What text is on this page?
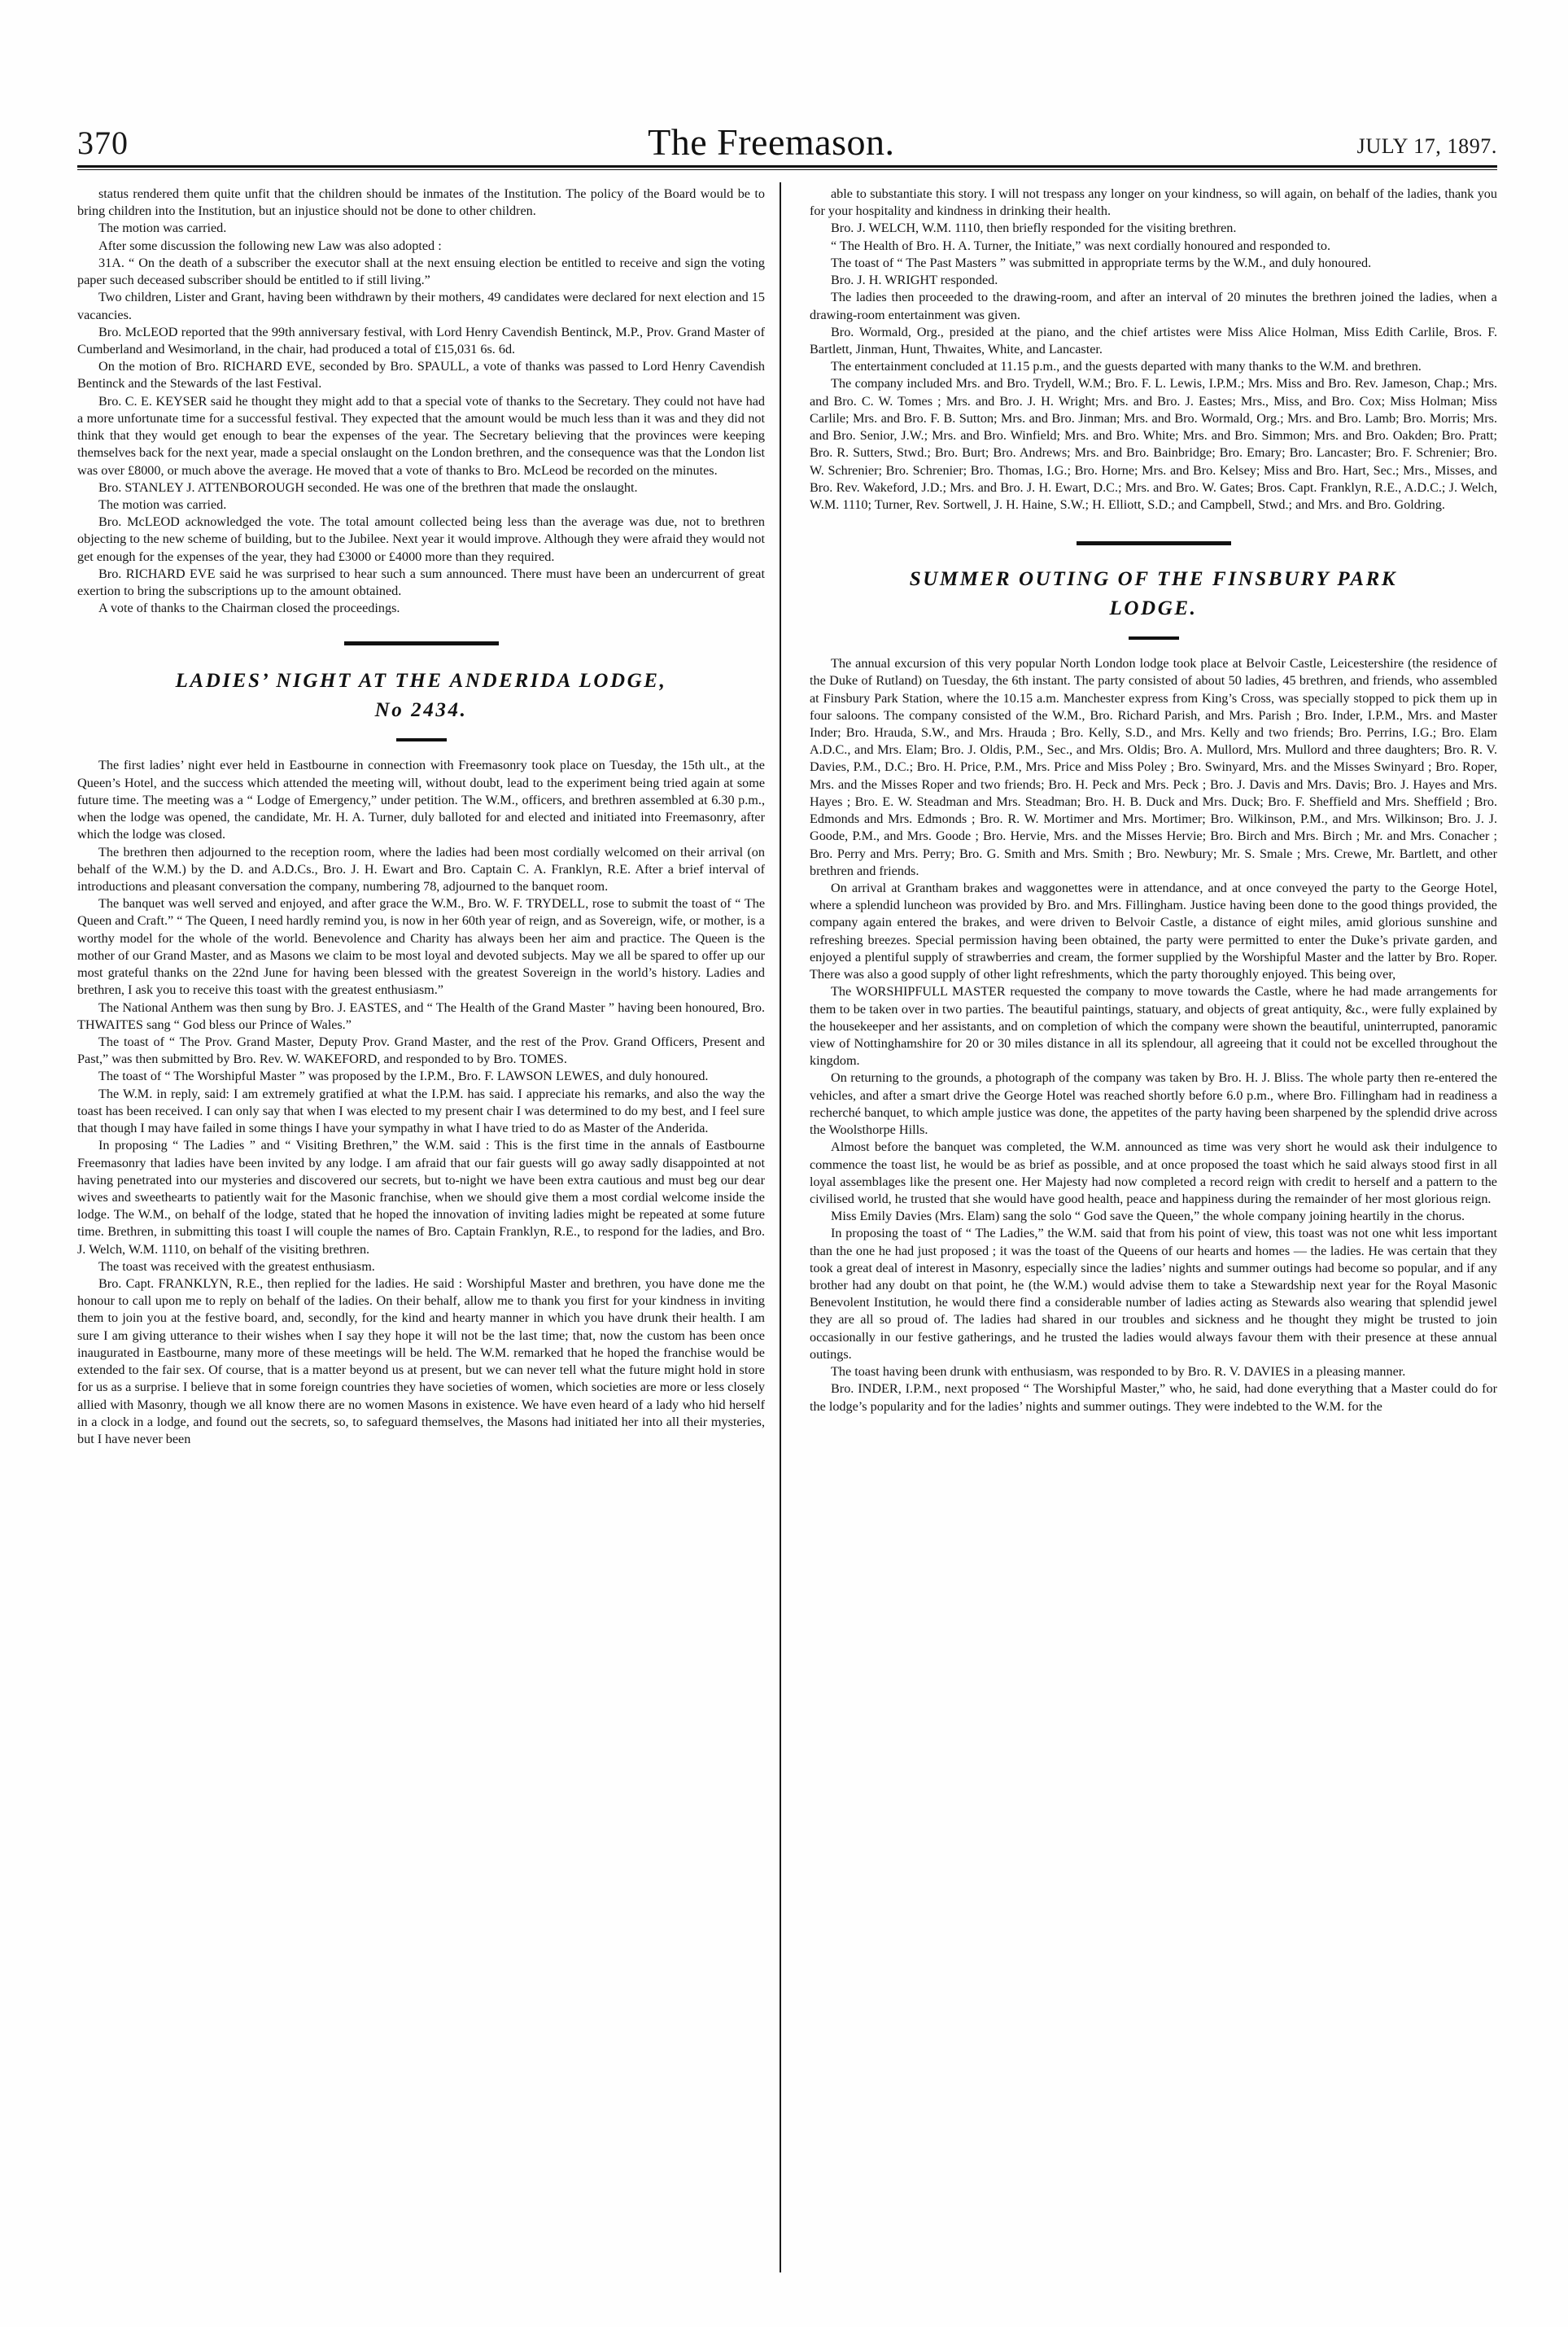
370	The Freemason.	JULY 17, 1897.

status rendered them quite unfit that the children should be inmates of the Institution. The policy of the Board would be to bring children into the Institution, but an injustice should not be done to other children.

The motion was carried.

After some discussion the following new Law was also adopted :

31A. “ On the death of a subscriber the executor shall at the next ensuing election be entitled to receive and sign the voting paper such deceased subscriber should be entitled to if still living.”

Two children, Lister and Grant, having been withdrawn by their mothers, 49 candidates were declared for next election and 15 vacancies.

Bro. McLEOD reported that the 99th anniversary festival, with Lord Henry Cavendish Bentinck, M.P., Prov. Grand Master of Cumberland and Wesimorland, in the chair, had produced a total of £15,031 6s. 6d.

On the motion of Bro. RICHARD EVE, seconded by Bro. SPAULL, a vote of thanks was passed to Lord Henry Cavendish Bentinck and the Stewards of the last Festival.

Bro. C. E. KEYSER said he thought they might add to that a special vote of thanks to the Secretary. They could not have had a more unfortunate time for a successful festival. They expected that the amount would be much less than it was and they did not think that they would get enough to bear the expenses of the year. The Secretary believing that the provinces were keeping themselves back for the next year, made a special onslaught on the London brethren, and the consequence was that the London list was over £8000, or much above the average. He moved that a vote of thanks to Bro. McLeod be recorded on the minutes.

Bro. STANLEY J. ATTENBOROUGH seconded. He was one of the brethren that made the onslaught.

The motion was carried.

Bro. McLEOD acknowledged the vote. The total amount collected being less than the average was due, not to brethren objecting to the new scheme of building, but to the Jubilee. Next year it would improve. Although they were afraid they would not get enough for the expenses of the year, they had £3000 or £4000 more than they required.

Bro. RICHARD EVE said he was surprised to hear such a sum announced. There must have been an undercurrent of great exertion to bring the subscriptions up to the amount obtained.

A vote of thanks to the Chairman closed the proceedings.

LADIES’ NIGHT AT THE ANDERIDA LODGE,
No 2434.

The first ladies’ night ever held in Eastbourne in connection with Freemasonry took place on Tuesday, the 15th ult., at the Queen’s Hotel, and the success which attended the meeting will, without doubt, lead to the experiment being tried again at some future time. The meeting was a “ Lodge of Emergency,” under petition. The W.M., officers, and brethren assembled at 6.30 p.m., when the lodge was opened, the candidate, Mr. H. A. Turner, duly balloted for and elected and initiated into Freemasonry, after which the lodge was closed.

The brethren then adjourned to the reception room, where the ladies had been most cordially welcomed on their arrival (on behalf of the W.M.) by the D. and A.D.Cs., Bro. J. H. Ewart and Bro. Captain C. A. Franklyn, R.E. After a brief interval of introductions and pleasant conversation the company, numbering 78, adjourned to the banquet room.

The banquet was well served and enjoyed, and after grace the W.M., Bro. W. F. TRYDELL, rose to submit the toast of “ The Queen and Craft.” “ The Queen, I need hardly remind you, is now in her 60th year of reign, and as Sovereign, wife, or mother, is a worthy model for the whole of the world. Benevolence and Charity has always been her aim and practice. The Queen is the mother of our Grand Master, and as Masons we claim to be most loyal and devoted subjects. May we all be spared to offer up our most grateful thanks on the 22nd June for having been blessed with the greatest Sovereign in the world’s history. Ladies and brethren, I ask you to receive this toast with the greatest enthusiasm.”

The National Anthem was then sung by Bro. J. EASTES, and “ The Health of the Grand Master ” having been honoured, Bro. THWAITES sang “ God bless our Prince of Wales.”

The toast of “ The Prov. Grand Master, Deputy Prov. Grand Master, and the rest of the Prov. Grand Officers, Present and Past,” was then submitted by Bro. Rev. W. WAKEFORD, and responded to by Bro. TOMES.

The toast of “ The Worshipful Master ” was proposed by the I.P.M., Bro. F. LAWSON LEWES, and duly honoured.

The W.M. in reply, said: I am extremely gratified at what the I.P.M. has said. I appreciate his remarks, and also the way the toast has been received. I can only say that when I was elected to my present chair I was determined to do my best, and I feel sure that though I may have failed in some things I have your sympathy in what I have tried to do as Master of the Anderida.

In proposing “ The Ladies ” and “ Visiting Brethren,” the W.M. said : This is the first time in the annals of Eastbourne Freemasonry that ladies have been invited by any lodge. I am afraid that our fair guests will go away sadly disappointed at not having penetrated into our mysteries and discovered our secrets, but to-night we have been extra cautious and must beg our dear wives and sweethearts to patiently wait for the Masonic franchise, when we should give them a most cordial welcome inside the lodge. The W.M., on behalf of the lodge, stated that he hoped the innovation of inviting ladies might be repeated at some future time. Brethren, in submitting this toast I will couple the names of Bro. Captain Franklyn, R.E., to respond for the ladies, and Bro. J. Welch, W.M. 1110, on behalf of the visiting brethren.

The toast was received with the greatest enthusiasm.

Bro. Capt. FRANKLYN, R.E., then replied for the ladies. He said : Worshipful Master and brethren, you have done me the honour to call upon me to reply on behalf of the ladies. On their behalf, allow me to thank you first for your kindness in inviting them to join you at the festive board, and, secondly, for the kind and hearty manner in which you have drunk their health. I am sure I am giving utterance to their wishes when I say they hope it will not be the last time; that, now the custom has been once inaugurated in Eastbourne, many more of these meetings will be held. The W.M. remarked that he hoped the franchise would be extended to the fair sex. Of course, that is a matter beyond us at present, but we can never tell what the future might hold in store for us as a surprise. I believe that in some foreign countries they have societies of women, which societies are more or less closely allied with Masonry, though we all know there are no women Masons in existence. We have even heard of a lady who hid herself in a clock in a lodge, and found out the secrets, so, to safeguard themselves, the Masons had initiated her into all their mysteries, but I have never been

able to substantiate this story. I will not trespass any longer on your kindness, so will again, on behalf of the ladies, thank you for your hospitality and kindness in drinking their health.

Bro. J. WELCH, W.M. 1110, then briefly responded for the visiting brethren.

“ The Health of Bro. H. A. Turner, the Initiate,” was next cordially honoured and responded to.

The toast of “ The Past Masters ” was submitted in appropriate terms by the W.M., and duly honoured.

Bro. J. H. WRIGHT responded.

The ladies then proceeded to the drawing-room, and after an interval of 20 minutes the brethren joined the ladies, when a drawing-room entertainment was given.

Bro. Wormald, Org., presided at the piano, and the chief artistes were Miss Alice Holman, Miss Edith Carlile, Bros. F. Bartlett, Jinman, Hunt, Thwaites, White, and Lancaster.

The entertainment concluded at 11.15 p.m., and the guests departed with many thanks to the W.M. and brethren.

The company included Mrs. and Bro. Trydell, W.M.; Bro. F. L. Lewis, I.P.M.; Mrs. Miss and Bro. Rev. Jameson, Chap.; Mrs. and Bro. C. W. Tomes ; Mrs. and Bro. J. H. Wright; Mrs. and Bro. J. Eastes; Mrs., Miss, and Bro. Cox; Miss Holman; Miss Carlile; Mrs. and Bro. F. B. Sutton; Mrs. and Bro. Jinman; Mrs. and Bro. Wormald, Org.; Mrs. and Bro. Lamb; Bro. Morris; Mrs. and Bro. Senior, J.W.; Mrs. and Bro. Winfield; Mrs. and Bro. White; Mrs. and Bro. Simmon; Mrs. and Bro. Oakden; Bro. Pratt; Bro. R. Sutters, Stwd.; Bro. Burt; Bro. Andrews; Mrs. and Bro. Bainbridge; Bro. Emary; Bro. Lancaster; Bro. F. Schrenier; Bro. W. Schrenier; Bro. Schrenier; Bro. Thomas, I.G.; Bro. Horne; Mrs. and Bro. Kelsey; Miss and Bro. Hart, Sec.; Mrs., Misses, and Bro. Rev. Wakeford, J.D.; Mrs. and Bro. J. H. Ewart, D.C.; Mrs. and Bro. W. Gates; Bros. Capt. Franklyn, R.E., A.D.C.; J. Welch, W.M. 1110; Turner, Rev. Sortwell, J. H. Haine, S.W.; H. Elliott, S.D.; and Campbell, Stwd.; and Mrs. and Bro. Goldring.

SUMMER OUTING OF THE FINSBURY PARK
LODGE.

The annual excursion of this very popular North London lodge took place at Belvoir Castle, Leicestershire (the residence of the Duke of Rutland) on Tuesday, the 6th instant. The party consisted of about 50 ladies, 45 brethren, and friends, who assembled at Finsbury Park Station, where the 10.15 a.m. Manchester express from King’s Cross, was specially stopped to pick them up in four saloons. The company consisted of the W.M., Bro. Richard Parish, and Mrs. Parish ; Bro. Inder, I.P.M., Mrs. and Master Inder; Bro. Hrauda, S.W., and Mrs. Hrauda ; Bro. Kelly, S.D., and Mrs. Kelly and two friends; Bro. Perrins, I.G.; Bro. Elam A.D.C., and Mrs. Elam; Bro. J. Oldis, P.M., Sec., and Mrs. Oldis; Bro. A. Mullord, Mrs. Mullord and three daughters; Bro. R. V. Davies, P.M., D.C.; Bro. H. Price, P.M., Mrs. Price and Miss Poley ; Bro. Swinyard, Mrs. and the Misses Swinyard ; Bro. Roper, Mrs. and the Misses Roper and two friends; Bro. H. Peck and Mrs. Peck ; Bro. J. Davis and Mrs. Davis; Bro. J. Hayes and Mrs. Hayes ; Bro. E. W. Steadman and Mrs. Steadman; Bro. H. B. Duck and Mrs. Duck; Bro. F. Sheffield and Mrs. Sheffield ; Bro. Edmonds and Mrs. Edmonds ; Bro. R. W. Mortimer and Mrs. Mortimer; Bro. Wilkinson, P.M., and Mrs. Wilkinson; Bro. J. J. Goode, P.M., and Mrs. Goode ; Bro. Hervie, Mrs. and the Misses Hervie; Bro. Birch and Mrs. Birch ; Mr. and Mrs. Conacher ; Bro. Perry and Mrs. Perry; Bro. G. Smith and Mrs. Smith ; Bro. Newbury; Mr. S. Smale ; Mrs. Crewe, Mr. Bartlett, and other brethren and friends.

On arrival at Grantham brakes and waggonettes were in attendance, and at once conveyed the party to the George Hotel, where a splendid luncheon was provided by Bro. and Mrs. Fillingham. Justice having been done to the good things provided, the company again entered the brakes, and were driven to Belvoir Castle, a distance of eight miles, amid glorious sunshine and refreshing breezes. Special permission having been obtained, the party were permitted to enter the Duke’s private garden, and enjoyed a plentiful supply of strawberries and cream, the former supplied by the Worshipful Master and the latter by Bro. Roper. There was also a good supply of other light refreshments, which the party thoroughly enjoyed. This being over,

The WORSHIPFULL MASTER requested the company to move towards the Castle, where he had made arrangements for them to be taken over in two parties. The beautiful paintings, statuary, and objects of great antiquity, &c., were fully explained by the housekeeper and her assistants, and on completion of which the company were shown the beautiful, uninterrupted, panoramic view of Nottinghamshire for 20 or 30 miles distance in all its splendour, all agreeing that it could not be excelled throughout the kingdom.

On returning to the grounds, a photograph of the company was taken by Bro. H. J. Bliss. The whole party then re-entered the vehicles, and after a smart drive the George Hotel was reached shortly before 6.0 p.m., where Bro. Fillingham had in readiness a recherché banquet, to which ample justice was done, the appetites of the party having been sharpened by the splendid drive across the Woolsthorpe Hills.

Almost before the banquet was completed, the W.M. announced as time was very short he would ask their indulgence to commence the toast list, he would be as brief as possible, and at once proposed the toast which he said always stood first in all loyal assemblages like the present one. Her Majesty had now completed a record reign with credit to herself and a pattern to the civilised world, he trusted that she would have good health, peace and happiness during the remainder of her most glorious reign.

Miss Emily Davies (Mrs. Elam) sang the solo “ God save the Queen,” the whole company joining heartily in the chorus.

In proposing the toast of “ The Ladies,” the W.M. said that from his point of view, this toast was not one whit less important than the one he had just proposed ; it was the toast of the Queens of our hearts and homes — the ladies. He was certain that they took a great deal of interest in Masonry, especially since the ladies’ nights and summer outings had become so popular, and if any brother had any doubt on that point, he (the W.M.) would advise them to take a Stewardship next year for the Royal Masonic Benevolent Institution, he would there find a considerable number of ladies acting as Stewards also wearing that splendid jewel they are all so proud of. The ladies had shared in our troubles and sickness and he thought they might be trusted to join occasionally in our festive gatherings, and he trusted the ladies would always favour them with their presence at these annual outings.

The toast having been drunk with enthusiasm, was responded to by Bro. R. V. DAVIES in a pleasing manner.

Bro. INDER, I.P.M., next proposed “ The Worshipful Master,” who, he said, had done everything that a Master could do for the lodge’s popularity and for the ladies’ nights and summer outings. They were indebted to the W.M. for the
